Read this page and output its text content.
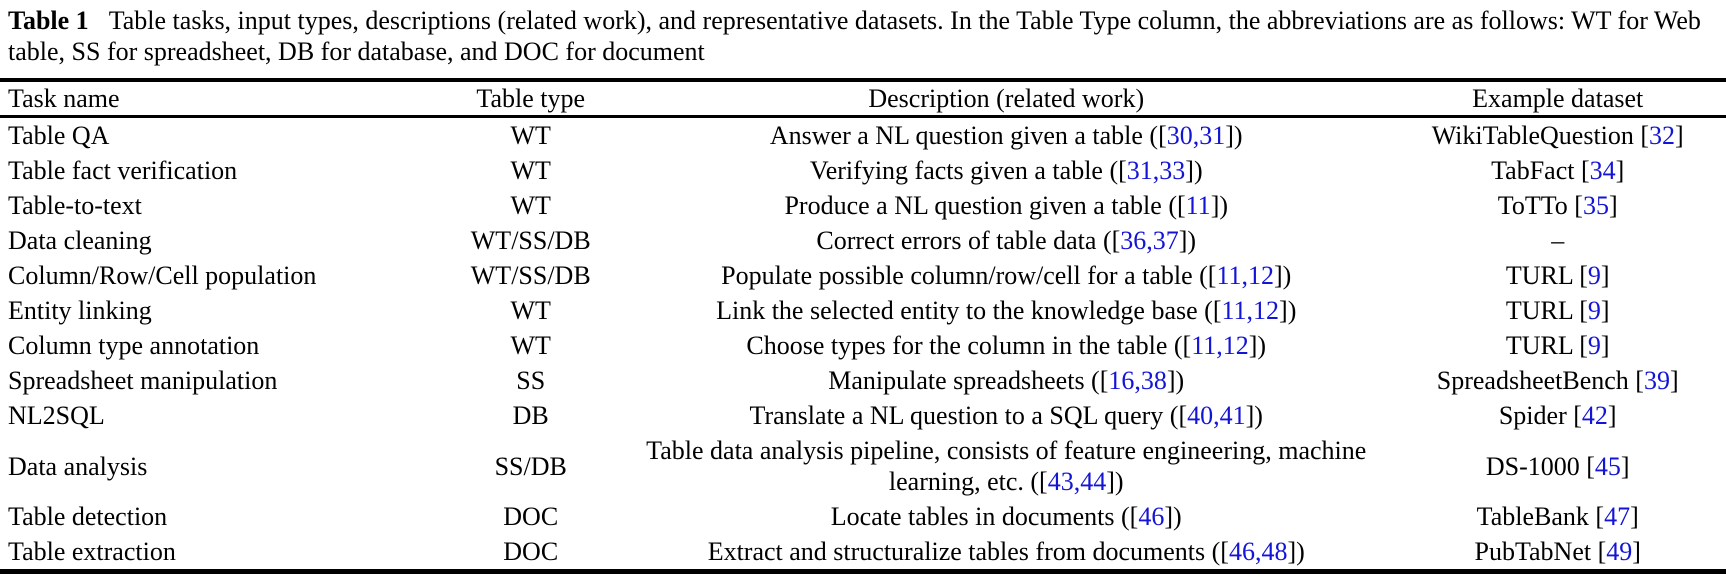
Table 1 Table tasks, input types, descriptions (related work), and representative datasets. In the Table Type column, the abbreviations are as follows: WT for Web table, SS for spreadsheet, DB for database, and DOC for document
Task name	Table type	Description (related work)	Example dataset
Table QA	WT	Answer a NL question given a table ([30,31])	WikiTableQuestion [32]
Table fact verification	WT	Verifying facts given a table ([31,33])	TabFact [34]
Table-to-text	WT	Produce a NL question given a table ([11])	ToTTo [35]
Data cleaning	WT/SS/DB	Correct errors of table data ([36,37])	–
Column/Row/Cell population	WT/SS/DB	Populate possible column/row/cell for a table ([11,12])	TURL [9]
Entity linking	WT	Link the selected entity to the knowledge base ([11,12])	TURL [9]
Column type annotation	WT	Choose types for the column in the table ([11,12])	TURL [9]
Spreadsheet manipulation	SS	Manipulate spreadsheets ([16,38])	SpreadsheetBench [39]
NL2SQL	DB	Translate a NL question to a SQL query ([40,41])	Spider [42]
Data analysis	SS/DB	Table data analysis pipeline, consists of feature engineering, machine learning, etc. ([43,44])	DS-1000 [45]
Table detection	DOC	Locate tables in documents ([46])	TableBank [47]
Table extraction	DOC	Extract and structuralize tables from documents ([46,48])	PubTabNet [49]
